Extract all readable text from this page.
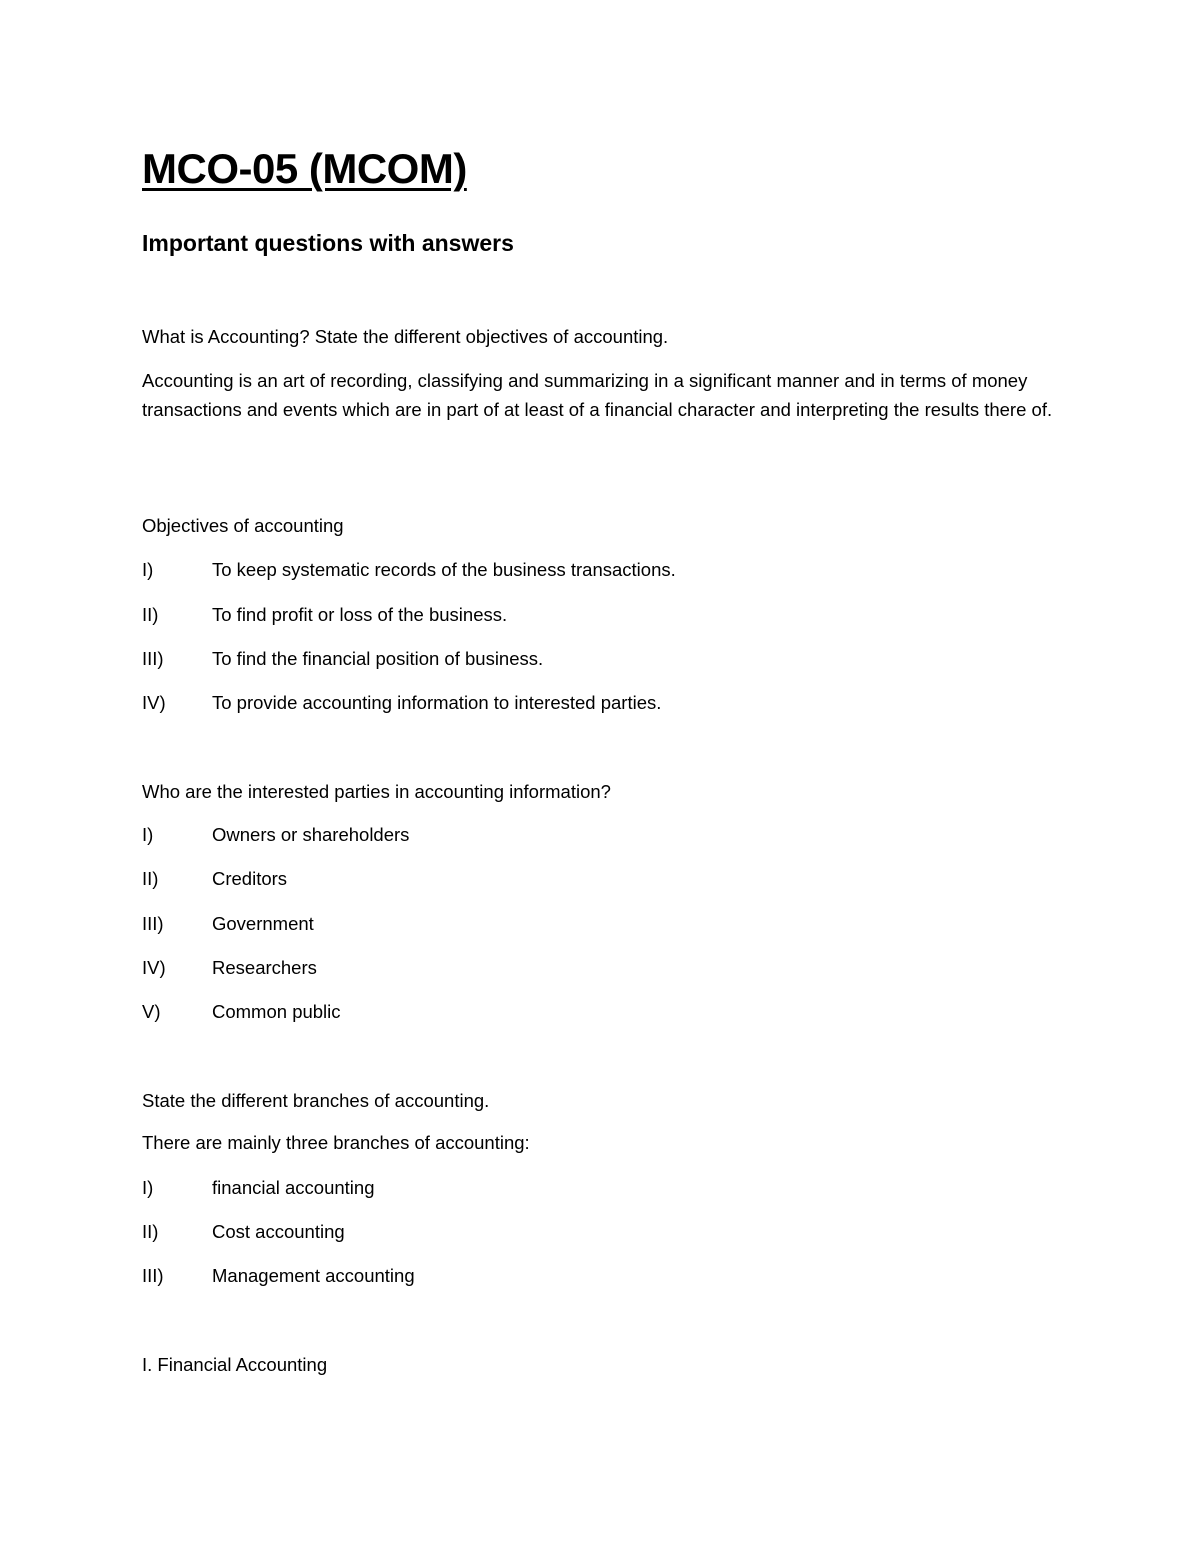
MCO-05 (MCOM)
Important questions with answers

What is Accounting? State the different objectives of accounting.

Accounting is an art of recording, classifying and summarizing in a significant manner and in terms of money transactions and events which are in part of at least of a financial character and interpreting the results there of.

Objectives of accounting

I)	To keep systematic records of the business transactions.

II)	To find profit or loss of the business.

III)	To find the financial position of business.

IV)	To provide accounting information to interested parties.

Who are the interested parties in accounting information?

I)	Owners or shareholders

II)	Creditors

III)	Government

IV)	Researchers

V)	Common public

State the different branches of accounting.

There are mainly three branches of accounting:

I)	financial accounting

II)	Cost accounting

III)	Management accounting

I. Financial Accounting
